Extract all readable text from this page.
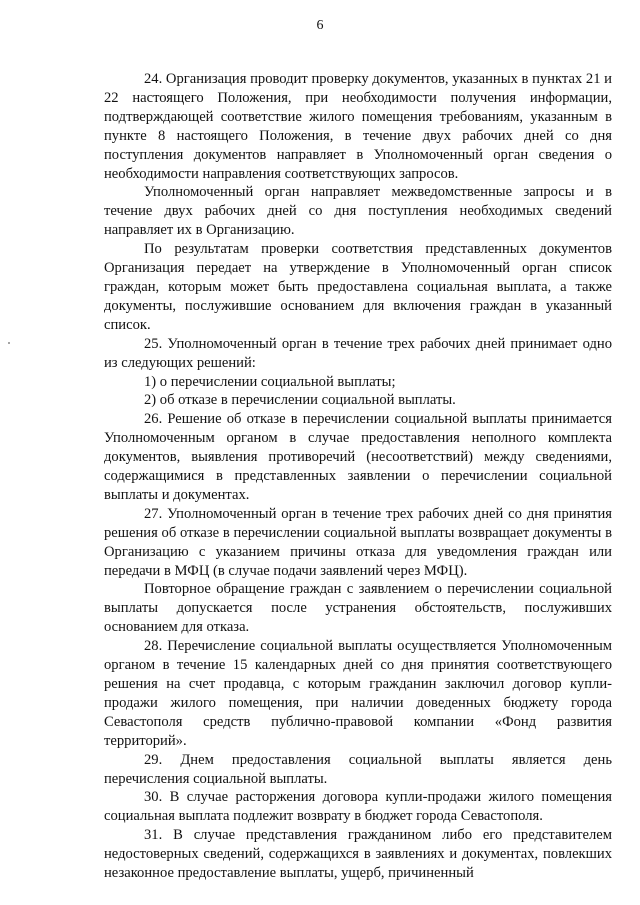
6

24. Организация проводит проверку документов, указанных в пунктах 21 и 22 настоящего Положения, при необходимости получения информации, подтверждающей соответствие жилого помещения требованиям, указанным в пункте 8 настоящего Положения, в течение двух рабочих дней со дня поступления документов направляет в Уполномоченный орган сведения о необходимости направления соответствующих запросов.

Уполномоченный орган направляет межведомственные запросы и в течение двух рабочих дней со дня поступления необходимых сведений направляет их в Организацию.

По результатам проверки соответствия представленных документов Организация передает на утверждение в Уполномоченный орган список граждан, которым может быть предоставлена социальная выплата, а также документы, послужившие основанием для включения граждан в указанный список.

25. Уполномоченный орган в течение трех рабочих дней принимает одно из следующих решений:

1) о перечислении социальной выплаты;

2) об отказе в перечислении социальной выплаты.

26. Решение об отказе в перечислении социальной выплаты принимается Уполномоченным органом в случае предоставления неполного комплекта документов, выявления противоречий (несоответствий) между сведениями, содержащимися в представленных заявлении о перечислении социальной выплаты и документах.

27. Уполномоченный орган в течение трех рабочих дней со дня принятия решения об отказе в перечислении социальной выплаты возвращает документы в Организацию с указанием причины отказа для уведомления граждан или передачи в МФЦ (в случае подачи заявлений через МФЦ).

Повторное обращение граждан с заявлением о перечислении социальной выплаты допускается после устранения обстоятельств, послуживших основанием для отказа.

28. Перечисление социальной выплаты осуществляется Уполномоченным органом в течение 15 календарных дней со дня принятия соответствующего решения на счет продавца, с которым гражданин заключил договор купли-продажи жилого помещения, при наличии доведенных бюджету города Севастополя средств публично-правовой компании «Фонд развития территорий».

29. Днем предоставления социальной выплаты является день перечисления социальной выплаты.

30. В случае расторжения договора купли-продажи жилого помещения социальная выплата подлежит возврату в бюджет города Севастополя.

31. В случае представления гражданином либо его представителем недостоверных сведений, содержащихся в заявлениях и документах, повлекших незаконное предоставление выплаты, ущерб, причиненный
